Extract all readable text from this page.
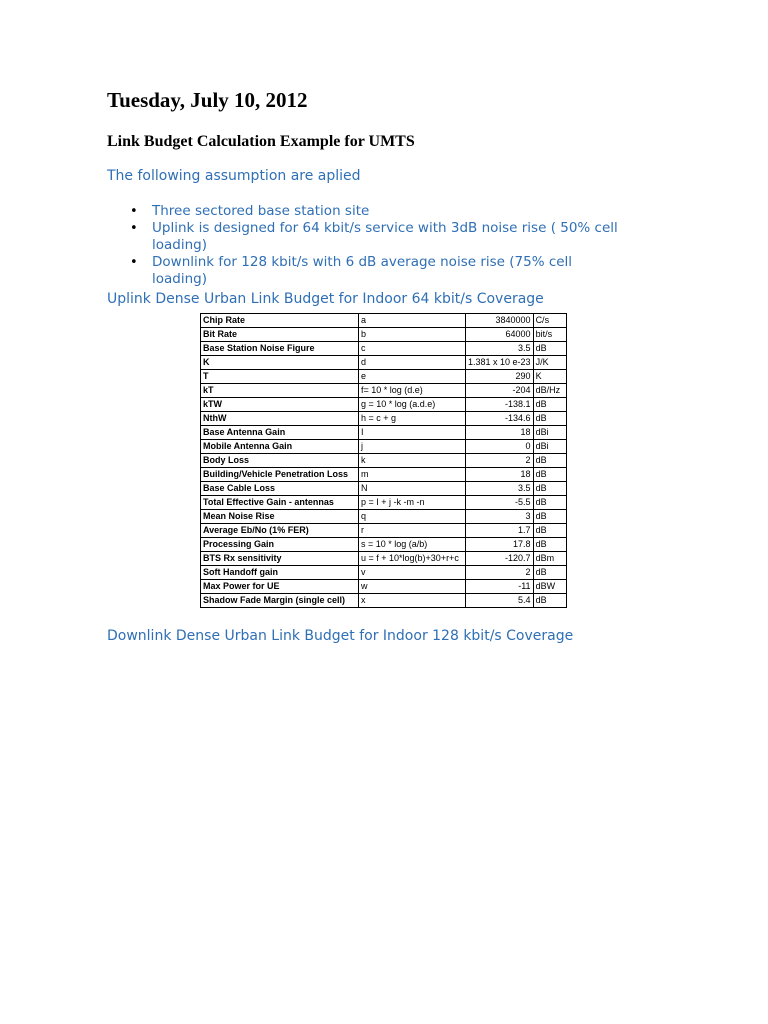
Tuesday, July 10, 2012
Link Budget Calculation Example for UMTS

The following assumption are aplied

• Three sectored base station site
• Uplink is designed for 64 kbit/s service with 3dB noise rise ( 50% cell loading)
• Downlink for 128 kbit/s with 6 dB average noise rise (75% cell loading)

Uplink Dense Urban Link Budget for Indoor 64 kbit/s Coverage

Chip Rate	a	3840000	C/s
Bit Rate	b	64000	bit/s
Base Station Noise Figure	c	3.5	dB
K	d	1.381 x 10 e-23	J/K
T	e	290	K
kT	f= 10 * log (d.e)	-204	dB/Hz
kTW	g = 10 * log (a.d.e)	-138.1	dB
NthW	h = c + g	-134.6	dB
Base Antenna Gain	I	18	dBi
Mobile Antenna Gain	j	0	dBi
Body Loss	k	2	dB
Building/Vehicle Penetration Loss	m	18	dB
Base Cable Loss	N	3.5	dB
Total Effective Gain - antennas	p = I + j -k -m -n	-5.5	dB
Mean Noise Rise	q	3	dB
Average Eb/No (1% FER)	r	1.7	dB
Processing Gain	s = 10 * log (a/b)	17.8	dB
BTS Rx sensitivity	u = f + 10*log(b)+30+r+c	-120.7	dBm
Soft Handoff gain	v	2	dB
Max Power for UE	w	-11	dBW
Shadow Fade Margin (single cell)	x	5.4	dB

Downlink Dense Urban Link Budget for Indoor 128 kbit/s Coverage
